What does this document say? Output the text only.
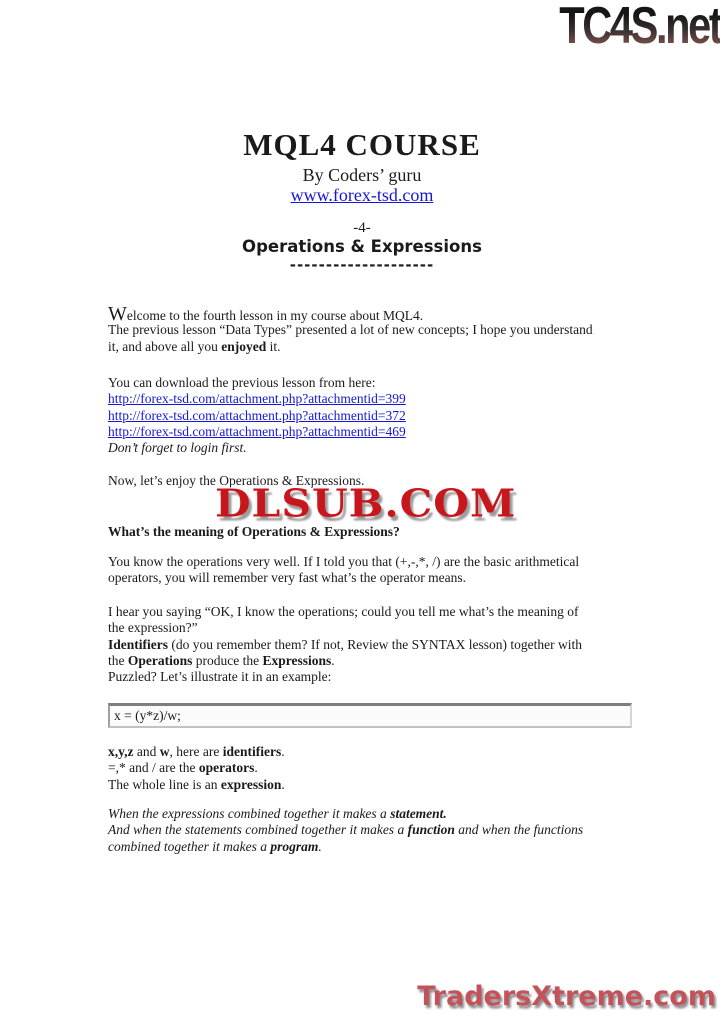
TC4S.net
MQL4 COURSE
By Coders’ guru
www.forex-tsd.com
-4-
Operations & Expressions
--------------------
Welcome to the fourth lesson in my course about MQL4.
The previous lesson “Data Types” presented a lot of new concepts; I hope you understand
it, and above all you enjoyed it.
You can download the previous lesson from here:
http://forex-tsd.com/attachment.php?attachmentid=399
http://forex-tsd.com/attachment.php?attachmentid=372
http://forex-tsd.com/attachment.php?attachmentid=469
Don’t forget to login first.
Now, let’s enjoy the Operations & Expressions.
What’s the meaning of Operations & Expressions?
You know the operations very well. If I told you that (+,-,*, /) are the basic arithmetical
operators, you will remember very fast what’s the operator means.
I hear you saying “OK, I know the operations; could you tell me what’s the meaning of
the expression?”
Identifiers (do you remember them? If not, Review the SYNTAX lesson) together with
the Operations produce the Expressions.
Puzzled? Let’s illustrate it in an example:
x = (y*z)/w;
x,y,z and w, here are identifiers.
=,* and / are the operators.
The whole line is an expression.
When the expressions combined together it makes a statement.
And when the statements combined together it makes a function and when the functions
combined together it makes a program.
DLSUB.COM
TradersXtreme.com
